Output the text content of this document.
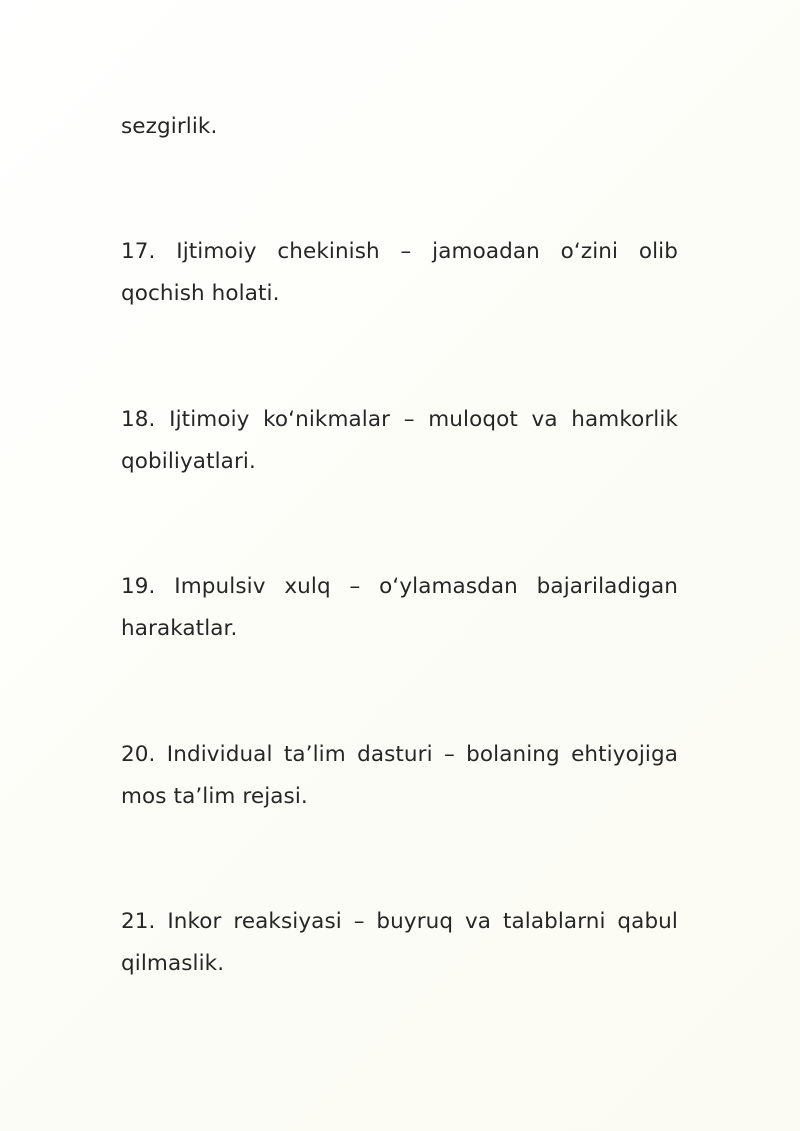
sezgirlik.

17. Ijtimoiy chekinish – jamoadan o‘zini olib qochish holati.

18. Ijtimoiy ko‘nikmalar – muloqot va hamkorlik qobiliyatlari.

19. Impulsiv xulq – o‘ylamasdan bajariladigan harakatlar.

20. Individual ta’lim dasturi – bolaning ehtiyojiga mos ta’lim rejasi.

21. Inkor reaksiyasi – buyruq va talablarni qabul qilmaslik.
